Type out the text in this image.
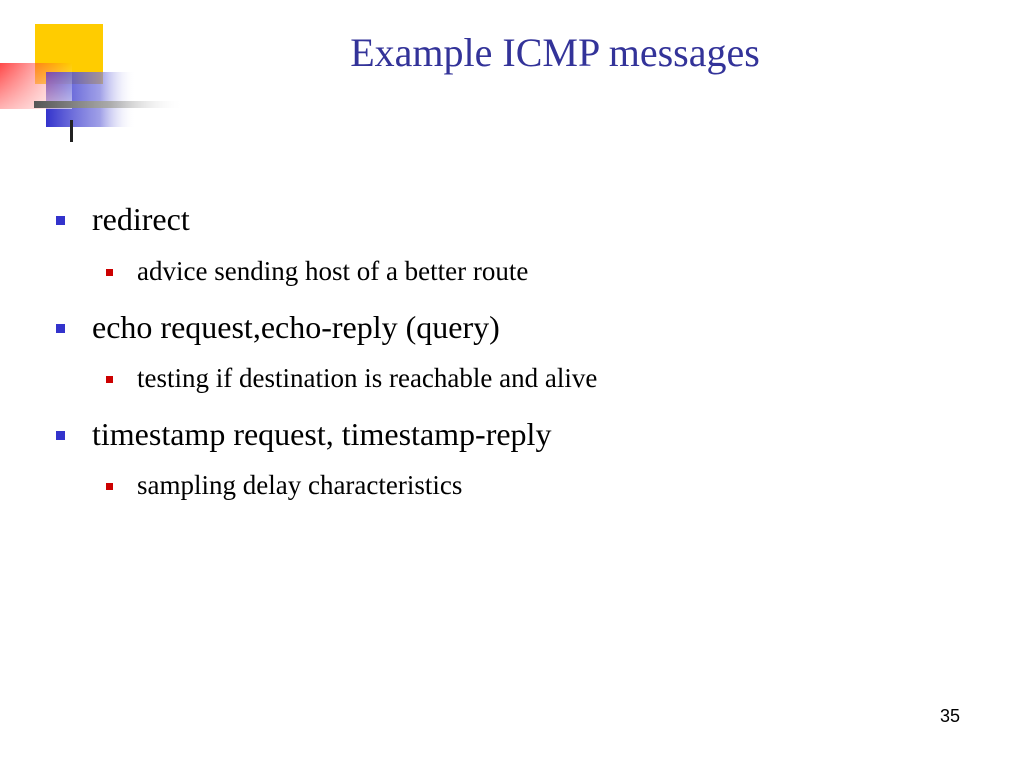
Example ICMP messages
redirect
advice sending host of a better route
echo request,echo-reply (query)
testing if destination is reachable and alive
timestamp request, timestamp-reply
sampling delay characteristics
35
